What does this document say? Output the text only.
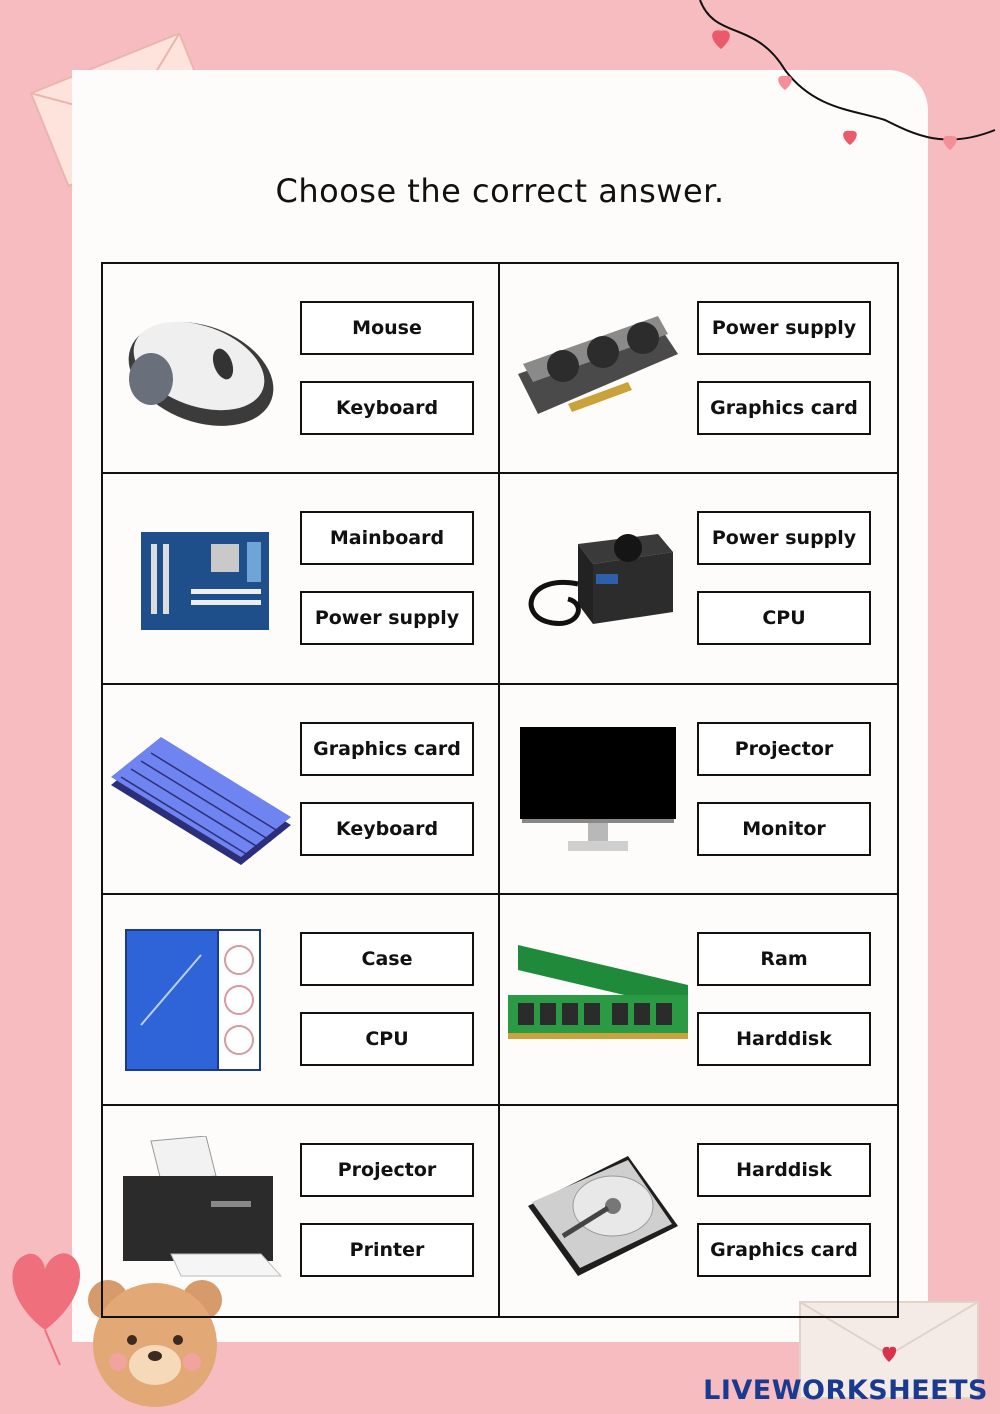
Choose the correct answer.
Mouse
Keyboard
Power supply
Graphics card
Mainboard
Power supply
Power supply
CPU
Graphics card
Keyboard
Projector
Monitor
Case
CPU
Ram
Harddisk
Projector
Printer
Harddisk
Graphics card
LIVEWORKSHEETS
